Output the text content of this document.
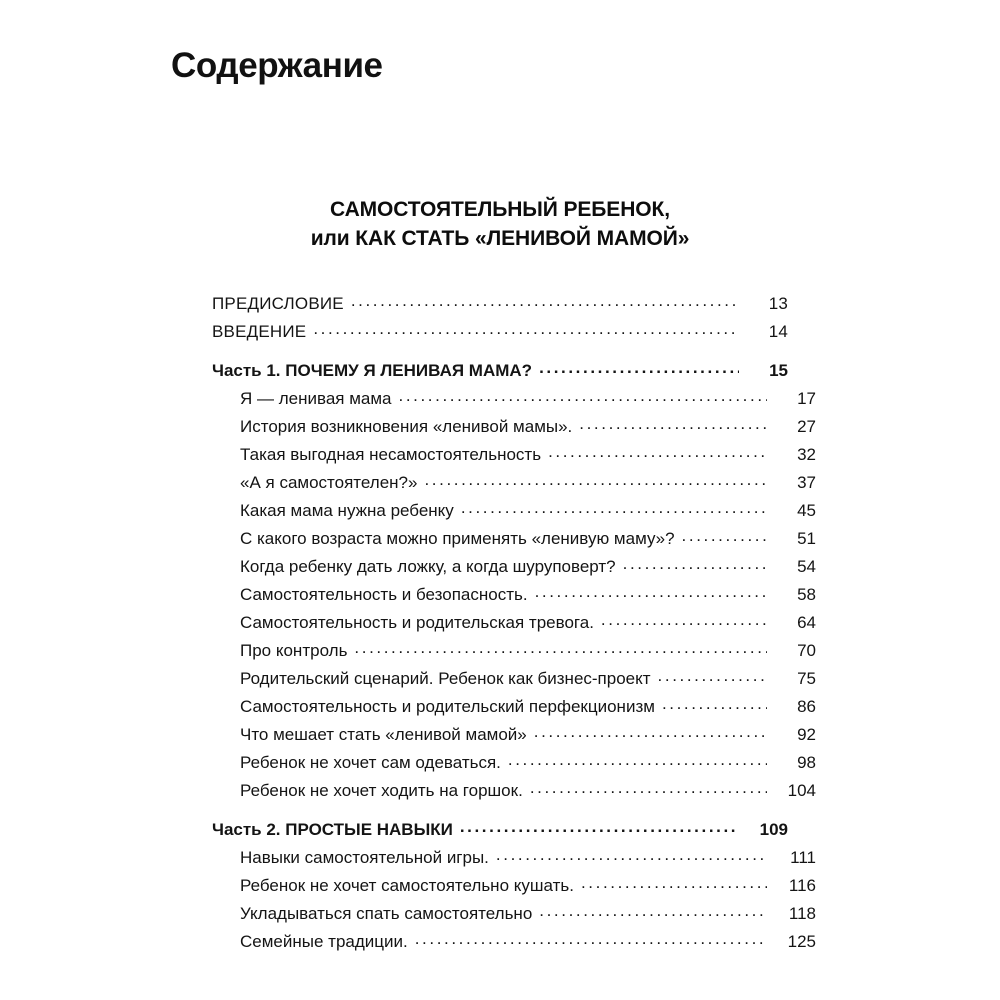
Содержание
САМОСТОЯТЕЛЬНЫЙ РЕБЕНОК,
или КАК СТАТЬ «ЛЕНИВОЙ МАМОЙ»
ПРЕДИСЛОВИЕ .....	13
ВВЕДЕНИЕ .....	14
Часть 1. ПОЧЕМУ Я ЛЕНИВАЯ МАМА? .....	15
Я — ленивая мама .....	17
История возникновения «ленивой мамы». .....	27
Такая выгодная несамостоятельность .....	32
«А я самостоятелен?» .....	37
Какая мама нужна ребенку .....	45
С какого возраста можно применять «ленивую маму»? .....	51
Когда ребенку дать ложку, а когда шуруповерт? .....	54
Самостоятельность и безопасность. .....	58
Самостоятельность и родительская тревога. .....	64
Про контроль .....	70
Родительский сценарий. Ребенок как бизнес-проект .....	75
Самостоятельность и родительский перфекционизм .....	86
Что мешает стать «ленивой мамой» .....	92
Ребенок не хочет сам одеваться. .....	98
Ребенок не хочет ходить на горшок. .....	104
Часть 2. ПРОСТЫЕ НАВЫКИ .....	109
Навыки самостоятельной игры. .....	111
Ребенок не хочет самостоятельно кушать. .....	116
Укладываться спать самостоятельно .....	118
Семейные традиции. .....	125
